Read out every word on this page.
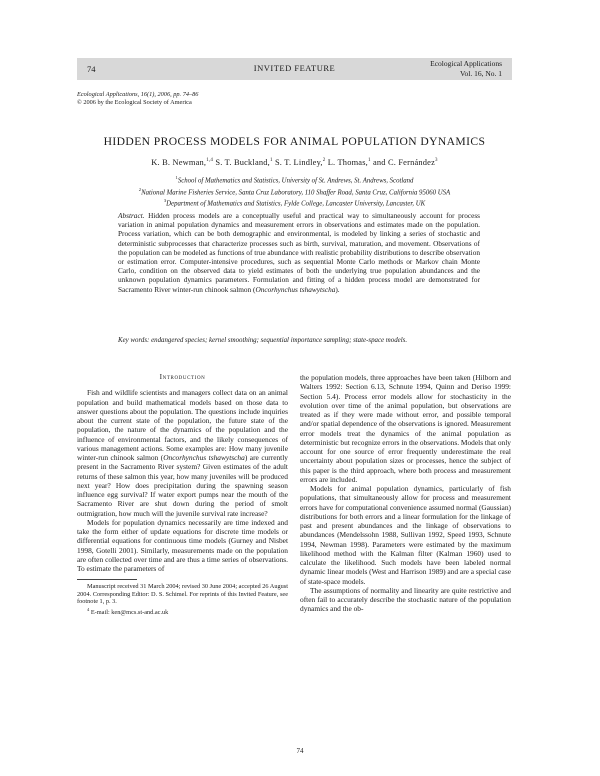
74	INVITED FEATURE	Ecological Applications
Vol. 16, No. 1
Ecological Applications, 16(1), 2006, pp. 74–86
© 2006 by the Ecological Society of America
HIDDEN PROCESS MODELS FOR ANIMAL POPULATION DYNAMICS
K. B. Newman,$^{1,4}$ S. T. Buckland,$^1$ S. T. Lindley,$^2$ L. Thomas,$^1$ and C. Fernández$^3$
$^1$School of Mathematics and Statistics, University of St. Andrews, St. Andrews, Scotland
$^2$National Marine Fisheries Service, Santa Cruz Laboratory, 110 Shaffer Road, Santa Cruz, California 95060 USA
$^3$Department of Mathematics and Statistics, Fylde College, Lancaster University, Lancaster, UK
Abstract. Hidden process models are a conceptually useful and practical way to simultaneously account for process variation in animal population dynamics and measurement errors in observations and estimates made on the population. Process variation, which can be both demographic and environmental, is modeled by linking a series of stochastic and deterministic subprocesses that characterize processes such as birth, survival, maturation, and movement. Observations of the population can be modeled as functions of true abundance with realistic probability distributions to describe observation or estimation error. Computer-intensive procedures, such as sequential Monte Carlo methods or Markov chain Monte Carlo, condition on the observed data to yield estimates of both the underlying true population abundances and the unknown population dynamics parameters. Formulation and fitting of a hidden process model are demonstrated for Sacramento River winter-run chinook salmon (Oncorhynchus tshawytscha).
Key words: endangered species; kernel smoothing; sequential importance sampling; state-space models.
Introduction

Fish and wildlife scientists and managers collect data on an animal population and build mathematical models based on those data to answer questions about the population. The questions include inquiries about the current state of the population, the future state of the population, the nature of the dynamics of the population and the influence of environmental factors, and the likely consequences of various management actions. Some examples are: How many juvenile winter-run chinook salmon (Oncorhynchus tshawytscha) are currently present in the Sacramento River system? Given estimates of the adult returns of these salmon this year, how many juveniles will be produced next year? How does precipitation during the spawning season influence egg survival? If water export pumps near the mouth of the Sacramento River are shut down during the period of smolt outmigration, how much will the juvenile survival rate increase?

Models for population dynamics necessarily are time indexed and take the form either of update equations for discrete time models or differential equations for continuous time models (Gurney and Nisbet 1998, Gotelli 2001). Similarly, measurements made on the population are often collected over time and are thus a time series of observations. To estimate the parameters of

Manuscript received 31 March 2004; revised 30 June 2004; accepted 26 August 2004. Corresponding Editor: D. S. Schimel. For reprints of this Invited Feature, see footnote 1, p. 3.

$^4$ E-mail: ken@mcs.st-and.ac.uk

the population models, three approaches have been taken (Hilborn and Walters 1992: Section 6.13, Schnute 1994, Quinn and Deriso 1999: Section 5.4). Process error models allow for stochasticity in the evolution over time of the animal population, but observations are treated as if they were made without error, and possible temporal and/or spatial dependence of the observations is ignored. Measurement error models treat the dynamics of the animal population as deterministic but recognize errors in the observations. Models that only account for one source of error frequently underestimate the real uncertainty about population sizes or processes, hence the subject of this paper is the third approach, where both process and measurement errors are included.

Models for animal population dynamics, particularly of fish populations, that simultaneously allow for process and measurement errors have for computational convenience assumed normal (Gaussian) distributions for both errors and a linear formulation for the linkage of past and present abundances and the linkage of observations to abundances (Mendelssohn 1988, Sullivan 1992, Speed 1993, Schnute 1994, Newman 1998). Parameters were estimated by the maximum likelihood method with the Kalman filter (Kalman 1960) used to calculate the likelihood. Such models have been labeled normal dynamic linear models (West and Harrison 1989) and are a special case of state-space models.

The assumptions of normality and linearity are quite restrictive and often fail to accurately describe the stochastic nature of the population dynamics and the ob-

74
